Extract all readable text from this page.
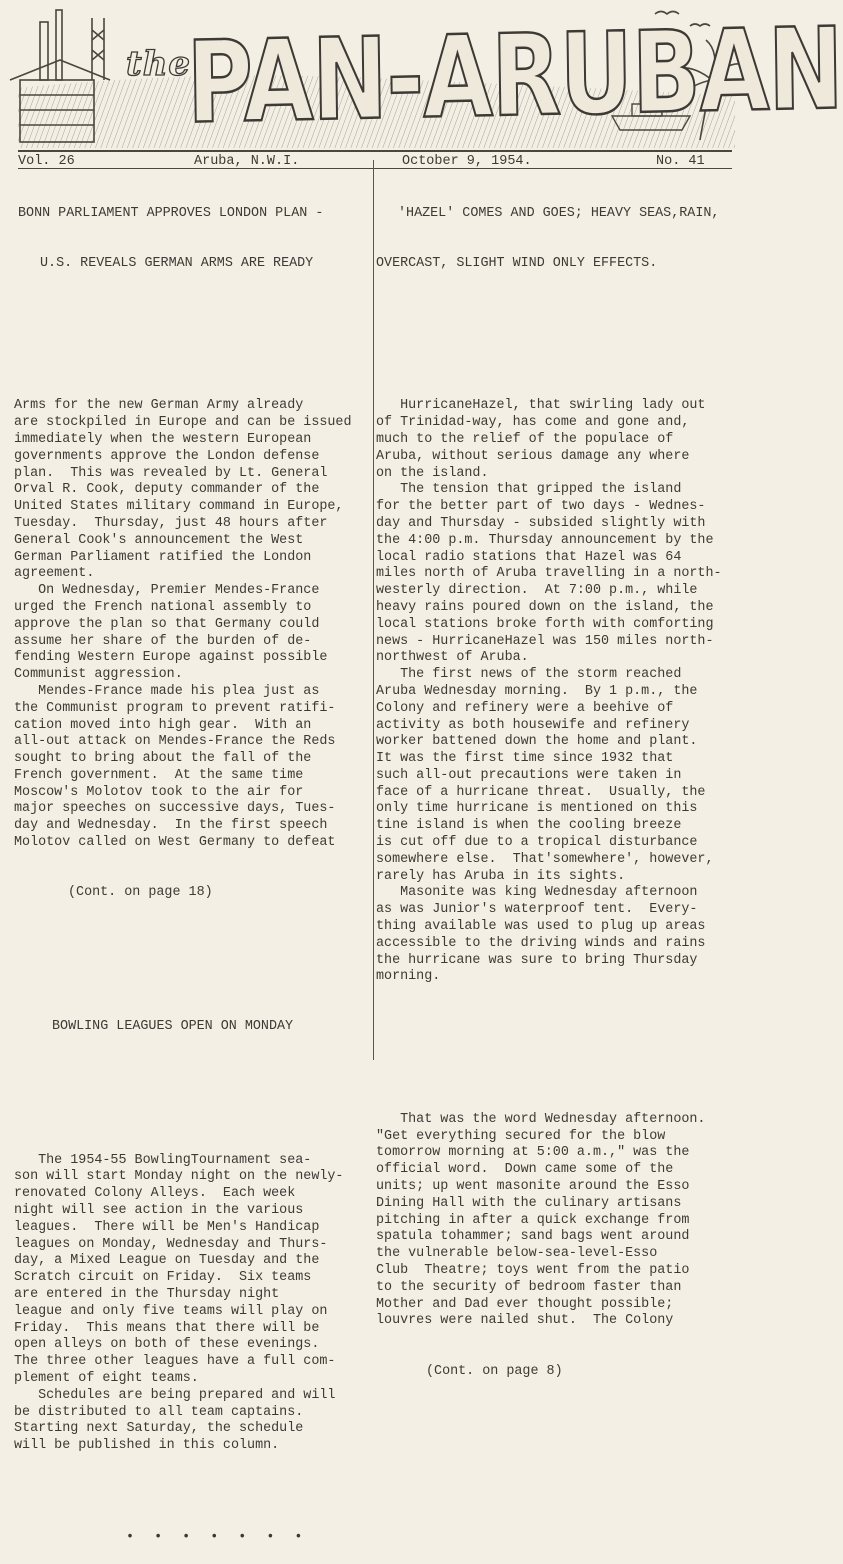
the
PAN-ARUBAN
Vol. 26	Aruba, N.W.I.	October 9, 1954.	No. 41

BONN PARLIAMENT APPROVES LONDON PLAN -

U.S. REVEALS GERMAN ARMS ARE READY

Arms for the new German Army already
are stockpiled in Europe and can be issued
immediately when the western European
governments approve the London defense
plan.  This was revealed by Lt. General
Orval R. Cook, deputy commander of the
United States military command in Europe,
Tuesday.  Thursday, just 48 hours after
General Cook's announcement the West
German Parliament ratified the London
agreement.
On Wednesday, Premier Mendes-France
urged the French national assembly to
approve the plan so that Germany could
assume her share of the burden of de-
fending Western Europe against possible
Communist aggression.
Mendes-France made his plea just as
the Communist program to prevent ratifi-
cation moved into high gear.  With an
all-out attack on Mendes-France the Reds
sought to bring about the fall of the
French government.  At the same time
Moscow's Molotov took to the air for
major speeches on successive days, Tues-
day and Wednesday.  In the first speech
Molotov called on West Germany to defeat

(Cont. on page 18)

BOWLING LEAGUES OPEN ON MONDAY

The 1954-55 BowlingTournament sea-
son will start Monday night on the newly-
renovated Colony Alleys.  Each week
night will see action in the various
leagues.  There will be Men's Handicap
leagues on Monday, Wednesday and Thurs-
day, a Mixed League on Tuesday and the
Scratch circuit on Friday.  Six teams
are entered in the Thursday night
league and only five teams will play on
Friday.  This means that there will be
open alleys on both of these evenings.
The three other leagues have a full com-
plement of eight teams.
Schedules are being prepared and will
be distributed to all team captains.
Starting next Saturday, the schedule
will be published in this column.

• • • • • • •

'HAZEL' COMES AND GOES; HEAVY SEAS,RAIN,

OVERCAST, SLIGHT WIND ONLY EFFECTS.

HurricaneHazel, that swirling lady out
of Trinidad-way, has come and gone and,
much to the relief of the populace of
Aruba, without serious damage any where
on the island.
The tension that gripped the island
for the better part of two days - Wednes-
day and Thursday - subsided slightly with
the 4:00 p.m. Thursday announcement by the
local radio stations that Hazel was 64
miles north of Aruba travelling in a north-
westerly direction.  At 7:00 p.m., while
heavy rains poured down on the island, the
local stations broke forth with comforting
news - HurricaneHazel was 150 miles north-
northwest of Aruba.
The first news of the storm reached
Aruba Wednesday morning.  By 1 p.m., the
Colony and refinery were a beehive of
activity as both housewife and refinery
worker battened down the home and plant.
It was the first time since 1932 that
such all-out precautions were taken in
face of a hurricane threat.  Usually, the
only time hurricane is mentioned on this
tine island is when the cooling breeze
is cut off due to a tropical disturbance
somewhere else.  That'somewhere', however,
rarely has Aruba in its sights.
Masonite was king Wednesday afternoon
as was Junior's waterproof tent.  Every-
thing available was used to plug up areas
accessible to the driving winds and rains
the hurricane was sure to bring Thursday
morning.

That was the word Wednesday afternoon.
"Get everything secured for the blow
tomorrow morning at 5:00 a.m.," was the
official word.  Down came some of the
units; up went masonite around the Esso
Dining Hall with the culinary artisans
pitching in after a quick exchange from
spatula tohammer; sand bags went around
the vulnerable below-sea-level-Esso
Club  Theatre; toys went from the patio
to the security of bedroom faster than
Mother and Dad ever thought possible;
louvres were nailed shut.  The Colony

(Cont. on page 8)
